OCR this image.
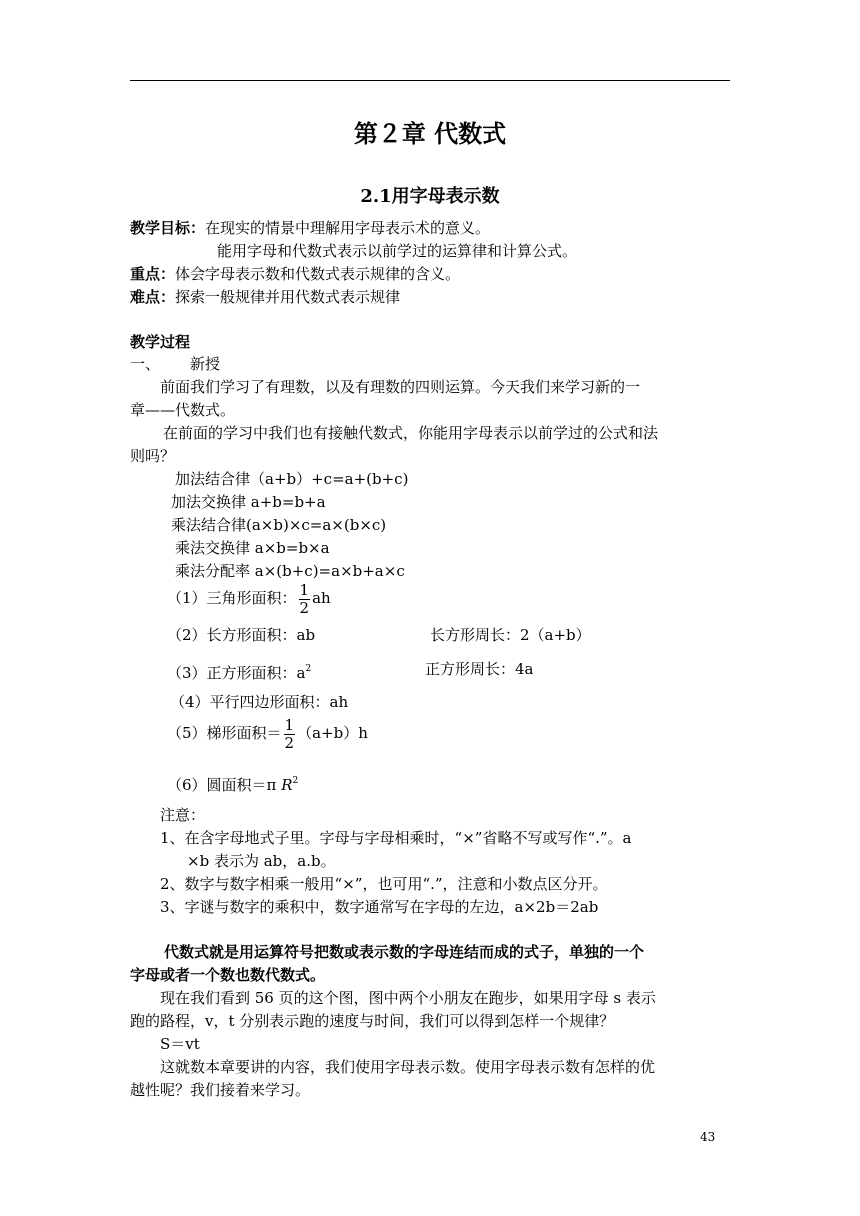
第２章 代数式
2.1用字母表示数
教学目标：在现实的情景中理解用字母表示术的意义。
能用字母和代数式表示以前学过的运算律和计算公式。
重点：体会字母表示数和代数式表示规律的含义。
难点：探索一般规律并用代数式表示规律
教学过程
一、 新授
前面我们学习了有理数，以及有理数的四则运算。今天我们来学习新的一
章——代数式。
在前面的学习中我们也有接触代数式，你能用字母表示以前学过的公式和法
则吗？
加法结合律（a+b）+c=a+(b+c)
加法交换律 a+b=b+a
乘法结合律(a×b)×c=a×(b×c)
乘法交换律 a×b=b×a
乘法分配率 a×(b+c)=a×b+a×c
（1）三角形面积： $\frac{1}{2}$ ah
（2）长方形面积：ab	长方形周长：2（a+b）
（3）正方形面积：$a^2$	正方形周长：4a
（4）平行四边形面积：ah
（5）梯形面积＝ $\frac{1}{2} (a+b)h$
（6）圆面积＝π $R^2$
注意：
1、在含字母地式子里。字母与字母相乘时，“×”省略不写或写作“.”。a
×b 表示为 ab，a.b。
2、数字与数字相乘一般用“×”，也可用“.”，注意和小数点区分开。
3、字谜与数字的乘积中，数字通常写在字母的左边，a×2b＝2ab
代数式就是用运算符号把数或表示数的字母连结而成的式子，单独的一个
字母或者一个数也数代数式。
现在我们看到 56 页的这个图，图中两个小朋友在跑步，如果用字母 s 表示
跑的路程，v，t 分别表示跑的速度与时间，我们可以得到怎样一个规律？
S＝vt
这就数本章要讲的内容，我们使用字母表示数。使用字母表示数有怎样的优
越性呢？我们接着来学习。
43
